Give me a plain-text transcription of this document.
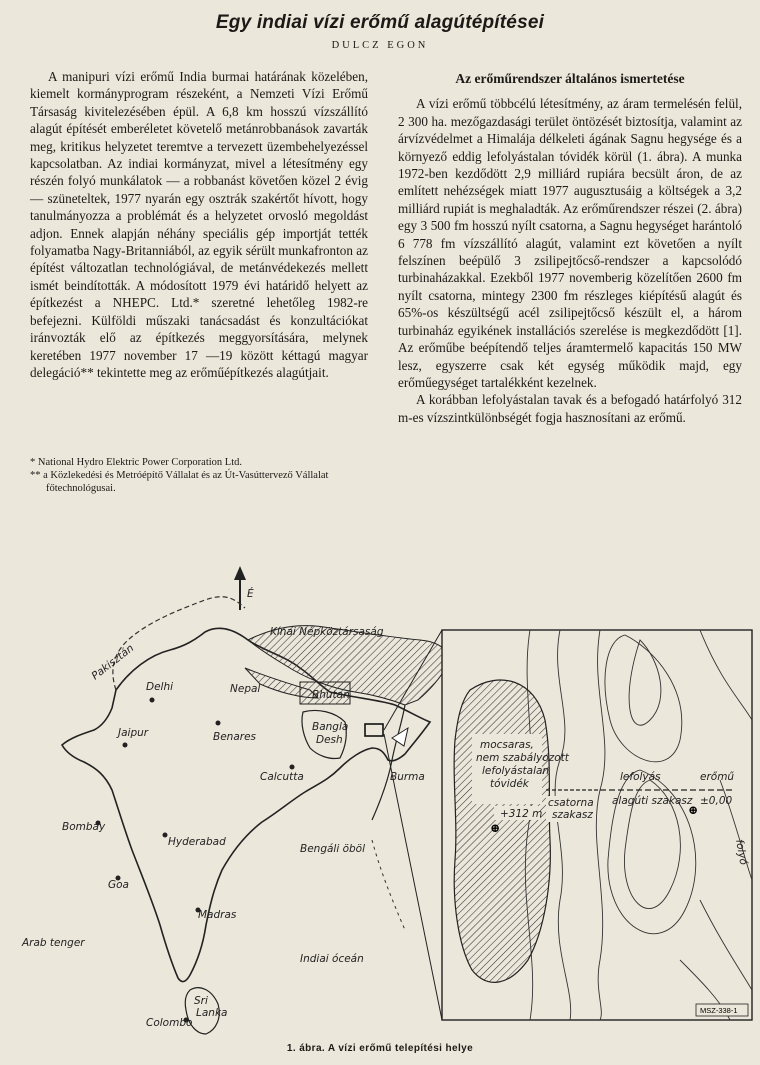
Egy indiai vízi erőmű alagútépítései
DULCZ EGON

A manipuri vízi erőmű India burmai határának közelében, kiemelt kormányprogram részeként, a Nemzeti Vízi Erőmű Társaság kivitelezésében épül. A 6,8 km hosszú vízszállító alagút építését emberéletet követelő metánrobbanások zavarták meg, kritikus helyzetet teremtve a tervezett üzembehelyezéssel kapcsolatban. Az indiai kormányzat, mivel a létesítmény egy részén folyó munkálatok — a robbanást követően közel 2 évig — szüneteltek, 1977 nyarán egy osztrák szakértőt hívott, hogy tanulmányozza a problémát és a helyzetet orvosló megoldást adjon. Ennek alapján néhány speciális gép importját tették folyamatba Nagy-Britanniából, az egyik sérült munkafronton az építést változatlan technológiával, de metánvédekezés mellett ismét beindították. A módosított 1979 évi határidő helyett az építkezést a NHEPC. Ltd.* szeretné lehetőleg 1982-re befejezni. Külföldi műszaki tanácsadást és konzultációkat iránvozták elő az építkezés meggyorsítására, melynek keretében 1977 november 17 —19 között kéttagú magyar delegáció** tekintette meg az erőműépítkezés alagútjait.

* National Hydro Elektric Power Corporation Ltd.
** a Közlekedési és Metróépítő Vállalat és az Út-Vasúttervező Vállalat főtechnológusai.
Az erőműrendszer általános ismertetése

A vízi erőmű többcélú létesítmény, az áram termelésén felül, 2 300 ha. mezőgazdasági terület öntözését biztosítja, valamint az árvízvédelmet a Himalája délkeleti ágának Sagnu hegysége és a környező eddig lefolyástalan tóvidék körül (1. ábra). A munka 1972-ben kezdődött 2,9 milliárd rupiára becsült áron, de az említett nehézségek miatt 1977 augusztusáig a költségek a 3,2 milliárd rupiát is meghaladták. Az erőműrendszer részei (2. ábra) egy 3 500 fm hosszú nyílt csatorna, a Sagnu hegységet harántoló 6 778 fm vízszállító alagút, valamint ezt követően a nyílt felszínen beépülő 3 zsilipejtőcső-rendszer a kapcsolódó turbinaházakkal. Ezekből 1977 novemberig közelítően 2600 fm nyílt csatorna, mintegy 2300 fm részleges kiépítésű alagút és 65%-os készültségű acél zsilipejtőcső készült el, a három turbinaház egyikének installációs szerelése is megkezdődött [1]. Az erőműbe beépítendő teljes áramtermelő kapacitás 150 MW lesz, egyszerre csak két egység működik majd, egy erőműegységet tartalékként kezelnek.

A korábban lefolyástalan tavak és a befogadó határfolyó 312 m-es vízszintkülönbségét fogja hasznosítani az erőmű.

É
Kínai Népköztársaság
Pakisztán
Delhi
Jaipur
Nepal	Bhutan
Benares
Bangla
Desh
Calcutta	Burma
Bombay
Hyderabad
Bengáli öböl
Goa
Madras
Arab tenger
Indiai óceán
Sri
Lanka
Colombo
mocsaras,
nem szabályozott
lefolyástalan
tóvidék
+312 m
⊕
csatorna
szakasz
lefolyás
alagúti szakasz
erőmű
±0,00
⊕
folyó
MSZ-338-1
1. ábra. A vízi erőmű telepítési helye
